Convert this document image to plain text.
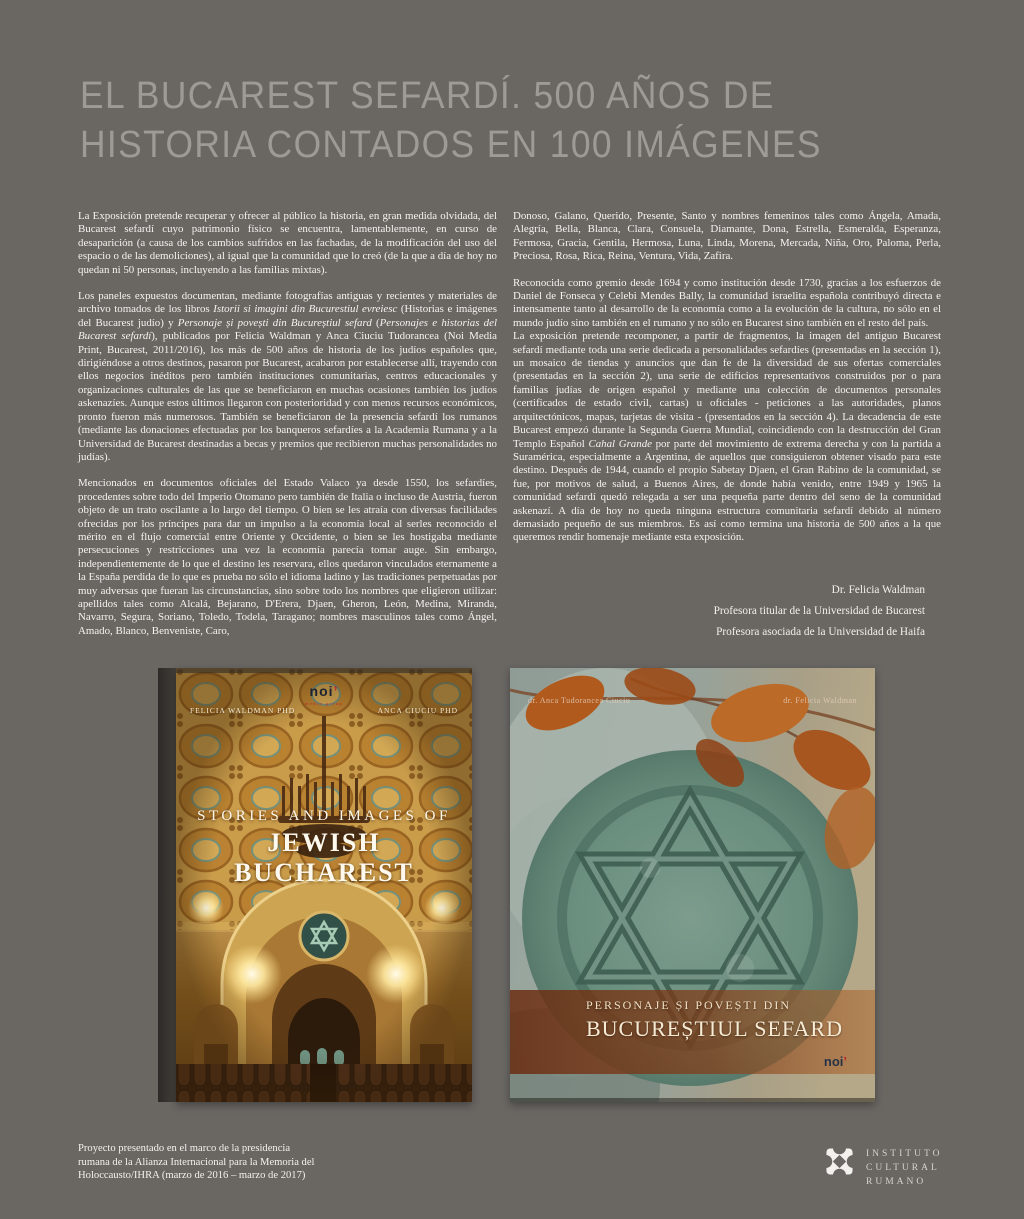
EL BUCAREST SEFARDÍ. 500 AÑOS DE
HISTORIA CONTADOS EN 100 IMÁGENES

La Exposición pretende recuperar y ofrecer al público la historia, en gran medida olvidada, del Bucarest sefardí cuyo patrimonio físico se encuentra, lamentablemente, en curso de desaparición (a causa de los cambios sufridos en las fachadas, de la modificación del uso del espacio o de las demoliciones), al igual que la comunidad que lo creó (de la que a día de hoy no quedan ni 50 personas, incluyendo a las familias mixtas).

Los paneles expuestos documentan, mediante fotografías antiguas y recientes y materiales de archivo tomados de los libros Istorii si imagini din Bucurestiul evreiesc (Historias e imágenes del Bucarest judío) y Personaje și povești din Bucureștiul sefard (Personajes e historias del Bucarest sefardí), publicados por Felicia Waldman y Anca Ciuciu Tudorancea (Noi Media Print, Bucarest, 2011/2016), los más de 500 años de historia de los judíos españoles que, dirigiéndose a otros destinos, pasaron por Bucarest, acabaron por establecerse allí, trayendo con ellos negocios inéditos pero también instituciones comunitarias, centros educacionales y organizaciones culturales de las que se beneficiaron en muchas ocasiones también los judíos askenazíes. Aunque estos últimos llegaron con posterioridad y con menos recursos económicos, pronto fueron más numerosos. También se beneficiaron de la presencia sefardí los rumanos (mediante las donaciones efectuadas por los banqueros sefardíes a la Academia Rumana y a la Universidad de Bucarest destinadas a becas y premios que recibieron muchas personalidades no judías).

Mencionados en documentos oficiales del Estado Valaco ya desde 1550, los sefardíes, procedentes sobre todo del Imperio Otomano pero también de Italia o incluso de Austria, fueron objeto de un trato oscilante a lo largo del tiempo. O bien se les atraía con diversas facilidades ofrecidas por los príncipes para dar un impulso a la economía local al serles reconocido el mérito en el flujo comercial entre Oriente y Occidente, o bien se les hostigaba mediante persecuciones y restricciones una vez la economía parecía tomar auge. Sin embargo, independientemente de lo que el destino les reservara, ellos quedaron vinculados eternamente a la España perdida de lo que es prueba no sólo el idioma ladino y las tradiciones perpetuadas por muy adversas que fueran las circunstancias, sino sobre todo los nombres que eligieron utilizar: apellidos tales como Alcalá, Bejarano, D'Erera, Djaen, Gheron, León, Medina, Miranda, Navarro, Segura, Soriano, Toledo, Todela, Taragano; nombres masculinos tales como Ángel, Amado, Blanco, Benveniste, Caro,

Donoso, Galano, Querido, Presente, Santo y nombres femeninos tales como Ángela, Amada, Alegría, Bella, Blanca, Clara, Consuela, Diamante, Dona, Estrella, Esmeralda, Esperanza, Fermosa, Gracia, Gentila, Hermosa, Luna, Linda, Morena, Mercada, Niña, Oro, Paloma, Perla, Preciosa, Rosa, Rica, Reina, Ventura, Vida, Zafira.

Reconocida como gremio desde 1694 y como institución desde 1730, gracias a los esfuerzos de Daniel de Fonseca y Celebi Mendes Bally, la comunidad israelita española contribuyó directa e intensamente tanto al desarrollo de la economía como a la evolución de la cultura, no sólo en el mundo judío sino también en el rumano y no sólo en Bucarest sino también en el resto del país.

La exposición pretende recomponer, a partir de fragmentos, la imagen del antiguo Bucarest sefardí mediante toda una serie dedicada a personalidades sefardíes (presentadas en la sección 1), un mosaico de tiendas y anuncios que dan fe de la diversidad de sus ofertas comerciales (presentadas en la sección 2), una serie de edificios representativos construidos por o para familias judías de origen español y mediante una colección de documentos personales (certificados de estado civil, cartas) u oficiales - peticiones a las autoridades, planos arquitectónicos, mapas, tarjetas de visita - (presentados en la sección 4). La decadencia de este Bucarest empezó durante la Segunda Guerra Mundial, coincidiendo con la destrucción del Gran Templo Español Cahal Grande por parte del movimiento de extrema derecha y con la partida a Suramérica, especialmente a Argentina, de aquellos que consiguieron obtener visado para este destino. Después de 1944, cuando el propio Sabetay Djaen, el Gran Rabino de la comunidad, se fue, por motivos de salud, a Buenos Aires, de donde había venido, entre 1949 y 1965 la comunidad sefardí quedó relegada a ser una pequeña parte dentro del seno de la comunidad askenazí. A día de hoy no queda ninguna estructura comunitaria sefardí debido al número demasiado pequeño de sus miembros. Es así como termina una historia de 500 años a la que queremos rendir homenaje mediante esta exposición.

Dr. Felicia Waldman
Profesora titular de la Universidad de Bucarest
Profesora asociada de la Universidad de Haifa
noi’
media group
FELICIA WALDMAN PHD	ANCA CIUCIU PHD
STORIES AND IMAGES OF
JEWISH BUCHAREST
dr. Anca Tudorancea Ciuciu	dr. Felicia Waldman
PERSONAJE ȘI POVEȘTI DIN
BUCUREȘTIUL SEFARD
noi’
Proyecto presentado en el marco de la presidencia
rumana de la Alianza Internacional para la Memoria del
Holoccausto/IHRA (marzo de 2016 – marzo de 2017)
INSTITUTO
CULTURAL
RUMANO
